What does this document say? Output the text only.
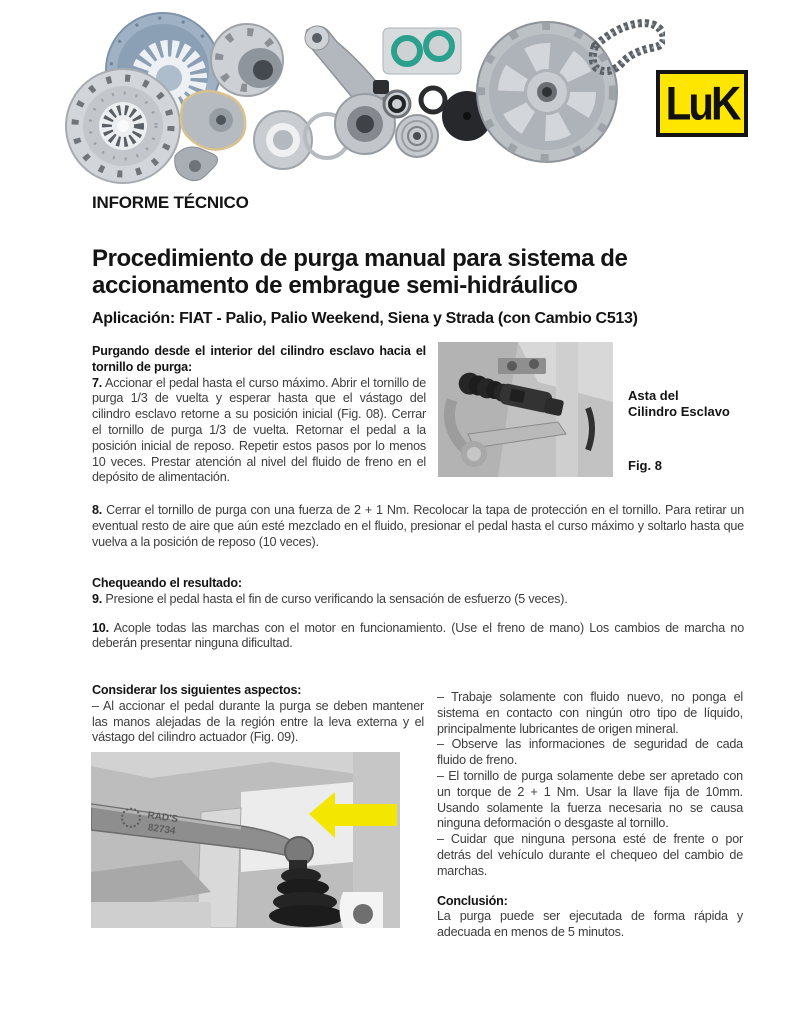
LuK
INFORME TÉCNICO
Procedimiento de purga manual para sistema de
accionamento de embrague semi-hidráulico
Aplicación: FIAT - Palio, Palio Weekend, Siena y Strada (con Cambio C513)
Purgando desde el interior del cilindro esclavo hacia el tornillo de purga:

7. Accionar el pedal hasta el curso máximo. Abrir el tornillo de purga 1/3 de vuelta y esperar hasta que el vástago del cilindro esclavo retorne a su posición inicial (Fig. 08). Cerrar el tornillo de purga 1/3 de vuelta. Retornar el pedal a la posición inicial de reposo. Repetir estos pasos por lo menos 10 veces. Prestar atención al nivel del fluido de freno en el depósito de alimentación.

Asta del
Cilindro Esclavo
Fig. 8

8. Cerrar el tornillo de purga con una fuerza de 2 + 1 Nm. Recolocar la tapa de protección en el tornillo. Para retirar un eventual resto de aire que aún esté mezclado en el fluido, presionar el pedal hasta el curso máximo y soltarlo hasta que vuelva a la posición de reposo (10 veces).

Chequeando el resultado:

9. Presione el pedal hasta el fin de curso verificando la sensación de esfuerzo (5 veces).

10. Acople todas las marchas con el motor en funcionamiento. (Use el freno de mano) Los cambios de marcha no deberán presentar ninguna dificultad.

Considerar los siguientes aspectos:

– Al accionar el pedal durante la purga se deben mantener las manos alejadas de la región entre la leva externa y el vástago del cilindro actuador (Fig. 09).

RAD'S
82734

– Trabaje solamente con fluido nuevo, no ponga el sistema en contacto con ningún otro tipo de líquido, principalmente lubricantes de origen mineral.

– Observe las informaciones de seguridad de cada fluido de freno.

– El tornillo de purga solamente debe ser apretado con un torque de 2 + 1 Nm. Usar la llave fija de 10mm. Usando solamente la fuerza necesaria no se causa ninguna deformación o desgaste al tornillo.

– Cuidar que ninguna persona esté de frente o por detrás del vehículo durante el chequeo del cambio de marchas.

Conclusión:

La purga puede ser ejecutada de forma rápida y adecuada en menos de 5 minutos.
